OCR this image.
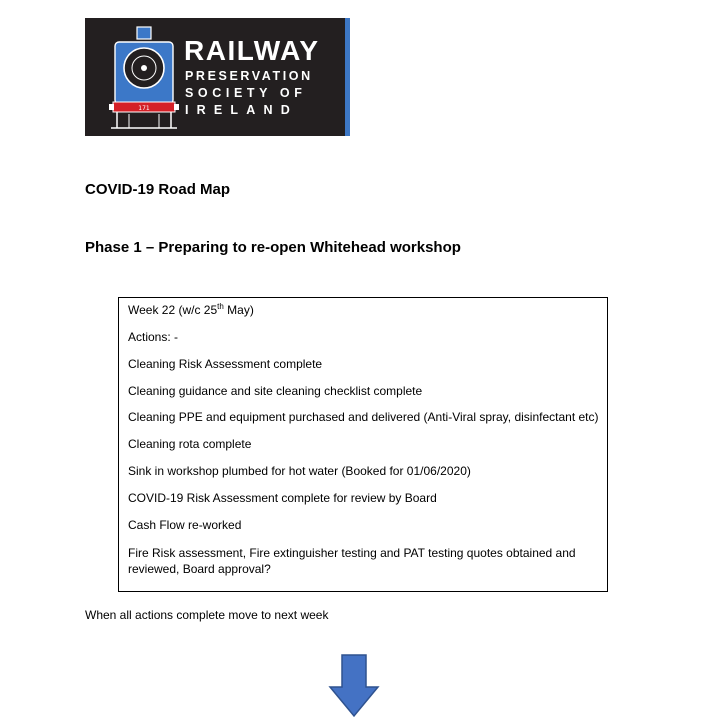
171
RAILWAY
PRESERVATION
SOCIETY OF
IRELAND
COVID-19 Road Map
Phase 1 – Preparing to re-open Whitehead workshop
Week 22 (w/c 25th May)
Actions: -
Cleaning Risk Assessment complete
Cleaning guidance and site cleaning checklist complete
Cleaning PPE and equipment purchased and delivered (Anti-Viral spray, disinfectant etc)
Cleaning rota complete
Sink in workshop plumbed for hot water (Booked for 01/06/2020)
COVID-19 Risk Assessment complete for review by Board
Cash Flow re-worked
Fire Risk assessment, Fire extinguisher testing and PAT testing quotes obtained and reviewed, Board approval?
When all actions complete move to next week
